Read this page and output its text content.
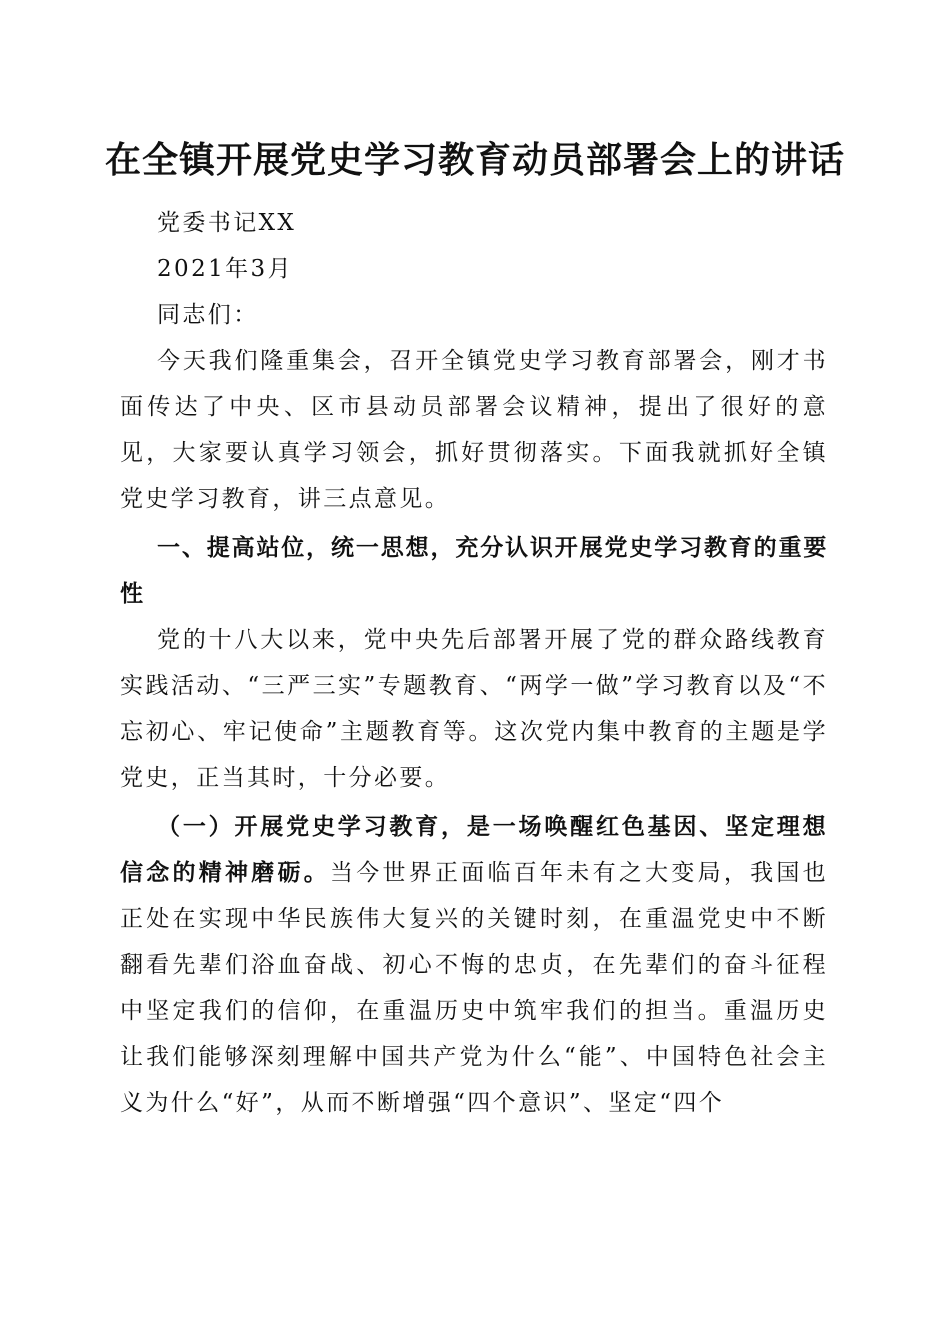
在全镇开展党史学习教育动员部署会上的讲话

党委书记XX

2021年3月

同志们：

今天我们隆重集会，召开全镇党史学习教育部署会，刚才书面传达了中央、区市县动员部署会议精神，提出了很好的意见，大家要认真学习领会，抓好贯彻落实。下面我就抓好全镇党史学习教育，讲三点意见。

一、提高站位，统一思想，充分认识开展党史学习教育的重要性

党的十八大以来，党中央先后部署开展了党的群众路线教育实践活动、“三严三实”专题教育、“两学一做”学习教育以及“不忘初心、牢记使命”主题教育等。这次党内集中教育的主题是学党史，正当其时，十分必要。

（一）开展党史学习教育，是一场唤醒红色基因、坚定理想信念的精神磨砺。当今世界正面临百年未有之大变局，我国也正处在实现中华民族伟大复兴的关键时刻，在重温党史中不断翻看先辈们浴血奋战、初心不悔的忠贞，在先辈们的奋斗征程中坚定我们的信仰，在重温历史中筑牢我们的担当。重温历史让我们能够深刻理解中国共产党为什么“能”、中国特色社会主义为什么“好”，从而不断增强“四个意识”、坚定“四个
